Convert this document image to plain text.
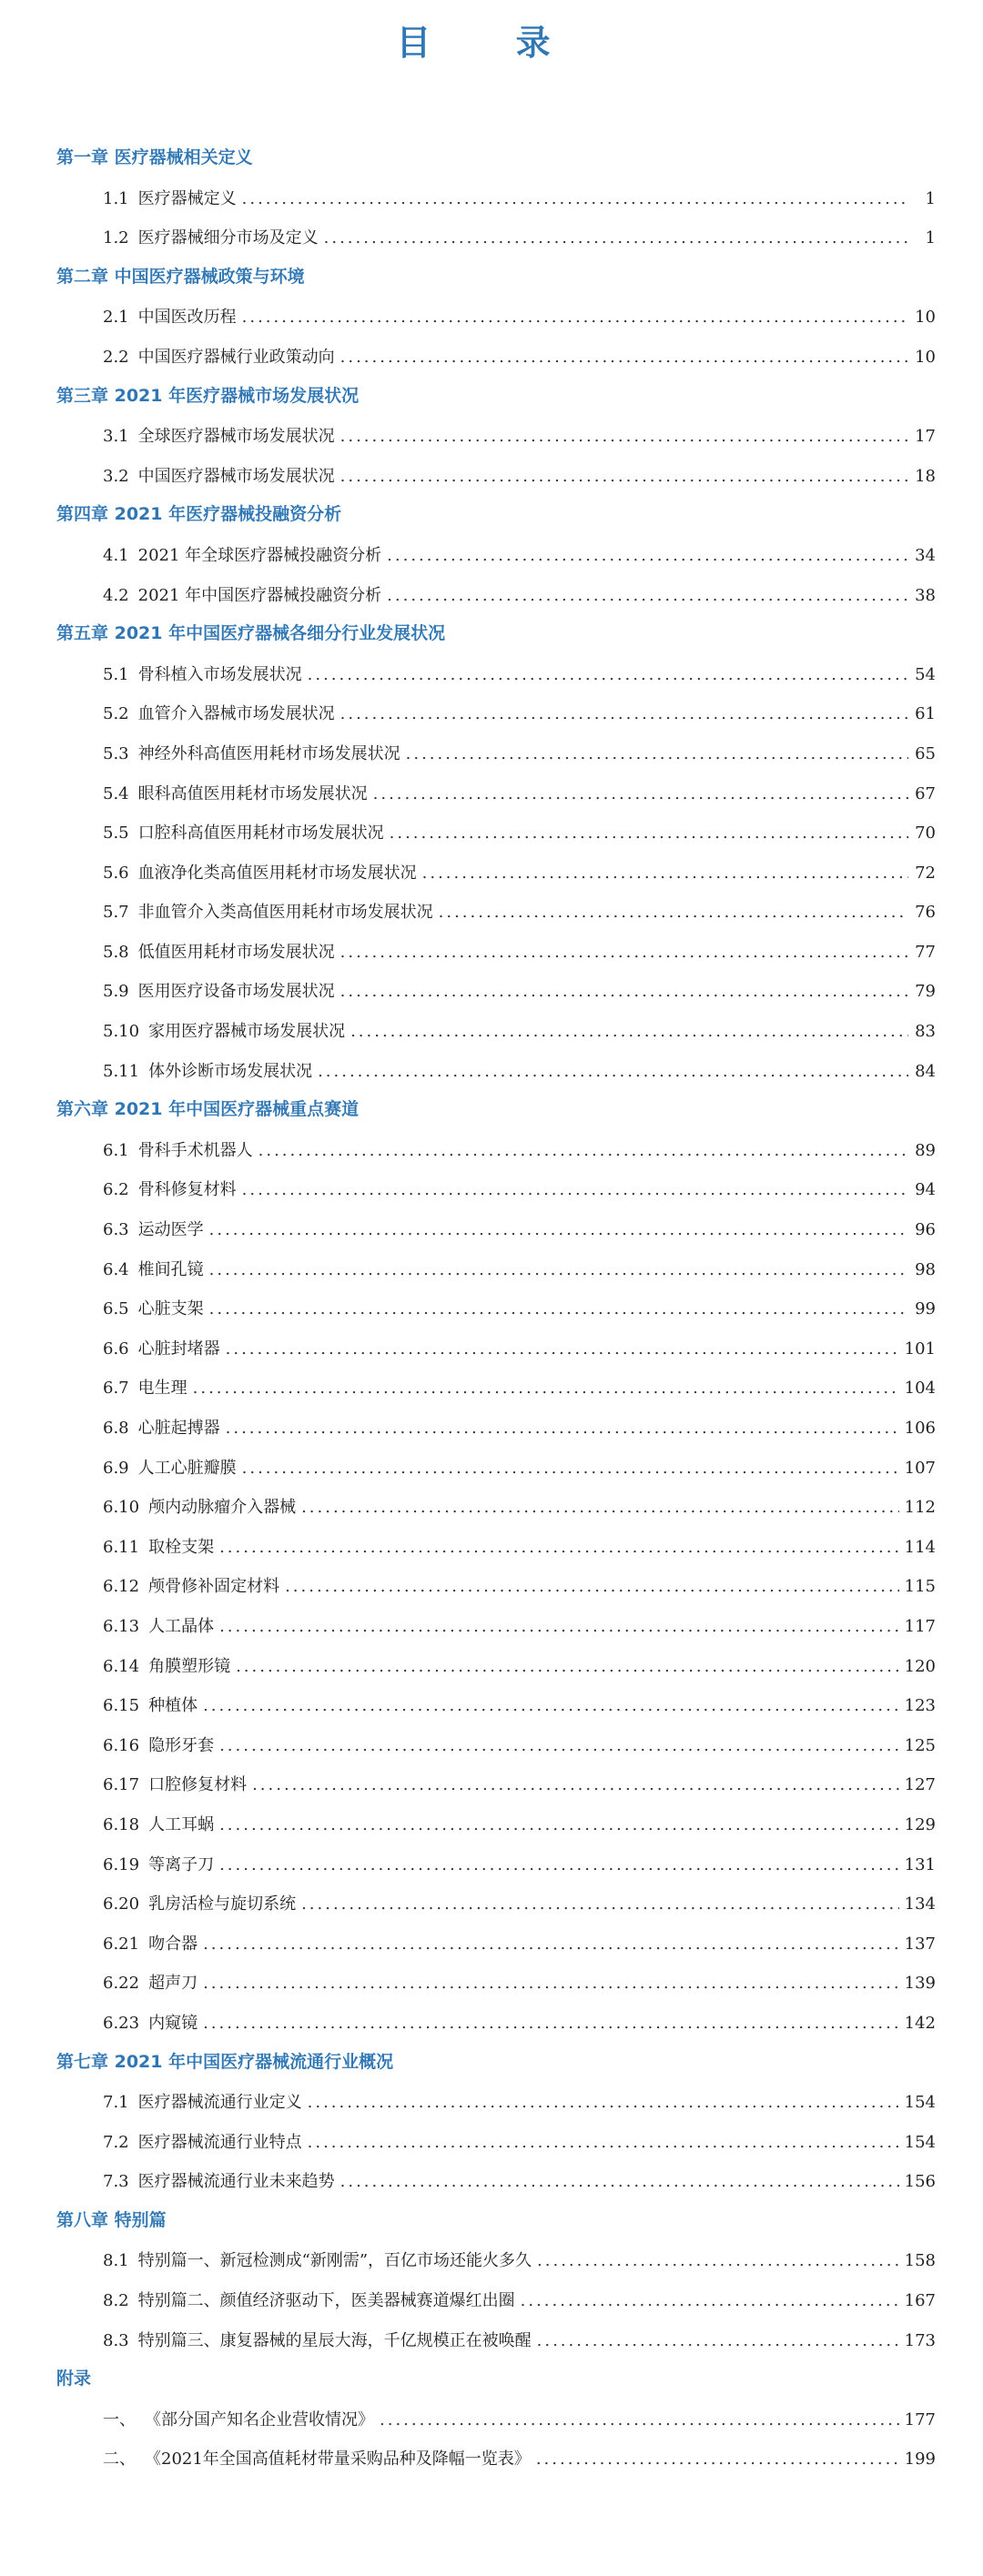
目 录
第一章 医疗器械相关定义
1.1 医疗器械定义 .....	1
1.2 医疗器械细分市场及定义 .....	1
第二章 中国医疗器械政策与环境
2.1 中国医改历程 .....	10
2.2 中国医疗器械行业政策动向 .....	10
第三章 2021 年医疗器械市场发展状况
3.1 全球医疗器械市场发展状况 .....	17
3.2 中国医疗器械市场发展状况 .....	18
第四章 2021 年医疗器械投融资分析
4.1 2021 年全球医疗器械投融资分析 .....	34
4.2 2021 年中国医疗器械投融资分析 .....	38
第五章 2021 年中国医疗器械各细分行业发展状况
5.1 骨科植入市场发展状况 .....	54
5.2 血管介入器械市场发展状况 .....	61
5.3 神经外科高值医用耗材市场发展状况 .....	65
5.4 眼科高值医用耗材市场发展状况 .....	67
5.5 口腔科高值医用耗材市场发展状况 .....	70
5.6 血液净化类高值医用耗材市场发展状况 .....	72
5.7 非血管介入类高值医用耗材市场发展状况 .....	76
5.8 低值医用耗材市场发展状况 .....	77
5.9 医用医疗设备市场发展状况 .....	79
5.10 家用医疗器械市场发展状况 .....	83
5.11 体外诊断市场发展状况 .....	84
第六章 2021 年中国医疗器械重点赛道
6.1 骨科手术机器人 .....	89
6.2 骨科修复材料 .....	94
6.3 运动医学 .....	96
6.4 椎间孔镜 .....	98
6.5 心脏支架 .....	99
6.6 心脏封堵器 .....	101
6.7 电生理 .....	104
6.8 心脏起搏器 .....	106
6.9 人工心脏瓣膜 .....	107
6.10 颅内动脉瘤介入器械 .....	112
6.11 取栓支架 .....	114
6.12 颅骨修补固定材料 .....	115
6.13 人工晶体 .....	117
6.14 角膜塑形镜 .....	120
6.15 种植体 .....	123
6.16 隐形牙套 .....	125
6.17 口腔修复材料 .....	127
6.18 人工耳蜗 .....	129
6.19 等离子刀 .....	131
6.20 乳房活检与旋切系统 .....	134
6.21 吻合器 .....	137
6.22 超声刀 .....	139
6.23 内窥镜 .....	142
第七章 2021 年中国医疗器械流通行业概况
7.1 医疗器械流通行业定义 .....	154
7.2 医疗器械流通行业特点 .....	154
7.3 医疗器械流通行业未来趋势 .....	156
第八章 特别篇
8.1 特别篇一、新冠检测成“新刚需”，百亿市场还能火多久 .....	158
8.2 特别篇二、颜值经济驱动下，医美器械赛道爆红出圈 .....	167
8.3 特别篇三、康复器械的星辰大海，千亿规模正在被唤醒 .....	173
附录
一、 《部分国产知名企业营收情况》 .....	177
二、 《2021年全国高值耗材带量采购品种及降幅一览表》 .....	199
